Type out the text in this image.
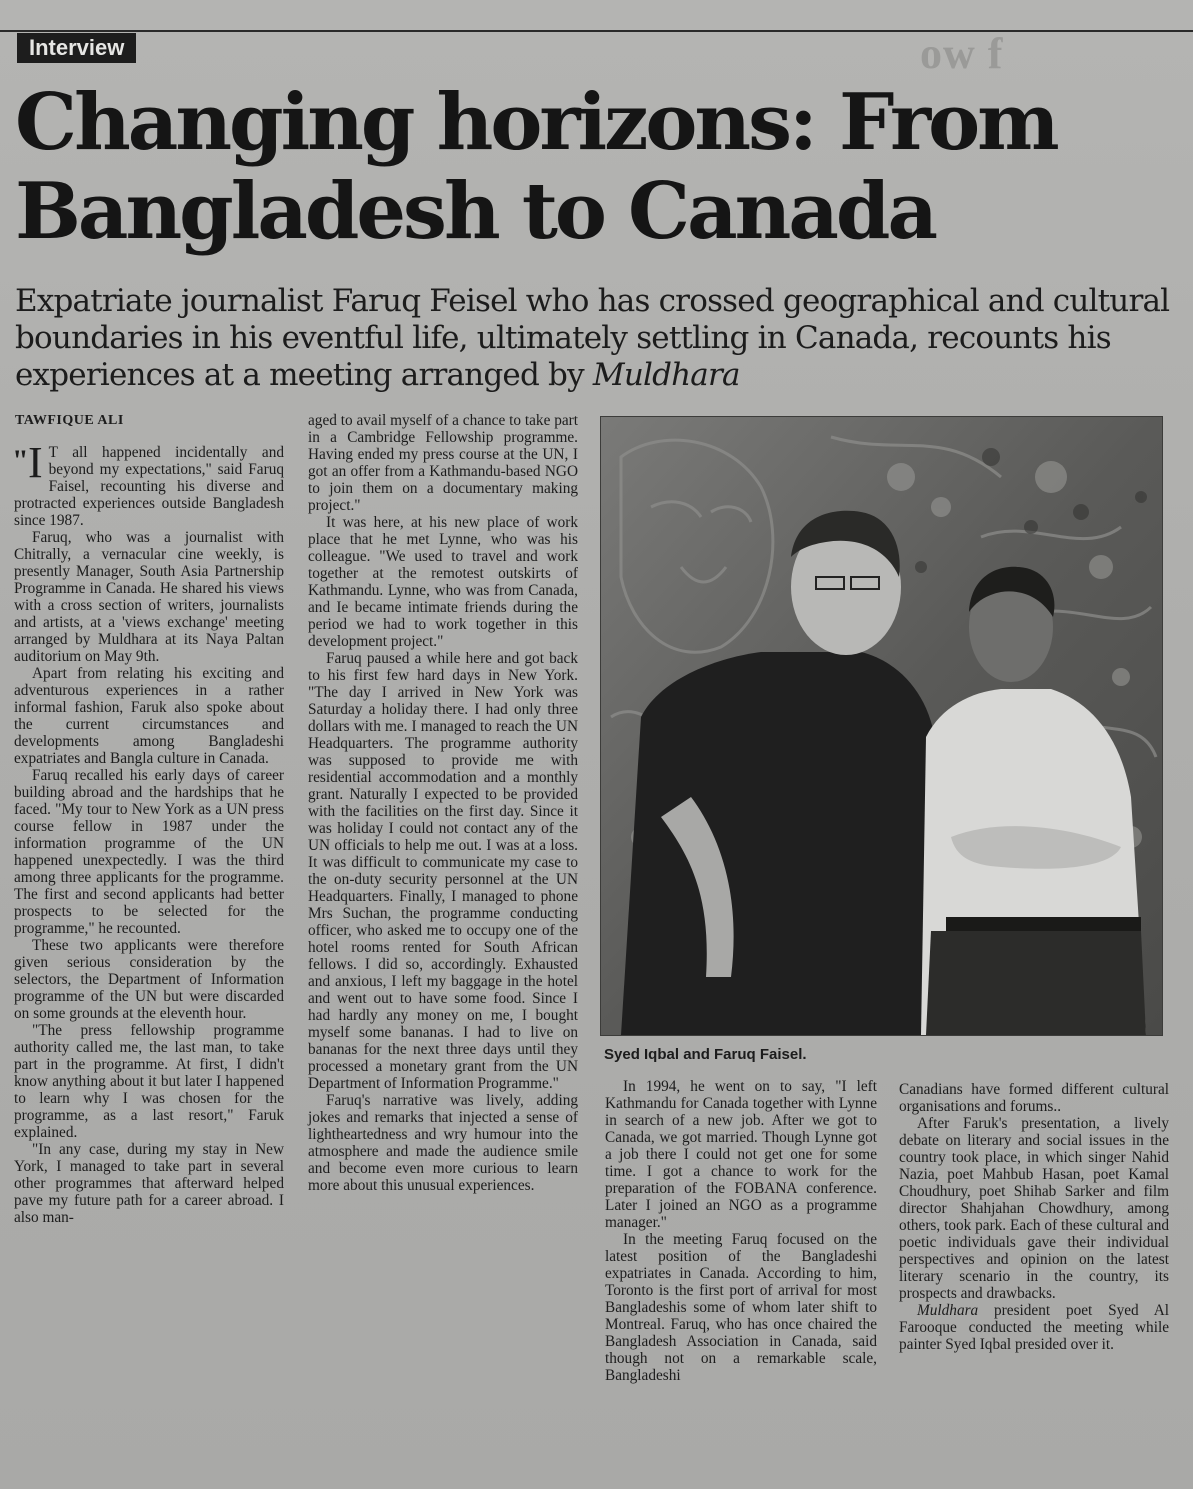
ow f
Interview
Changing horizons: From Bangladesh to Canada

Expatriate journalist Faruq Feisel who has crossed geographical and cultural boundaries in his eventful life, ultimately settling in Canada, recounts his experiences at a meeting arranged by Muldhara

TAWFIQUE ALI
" I T all happened incidentally and beyond my expectations," said Faruq Faisel, recounting his diverse and protracted experiences outside Bangladesh since 1987.

Faruq, who was a journalist with Chitrally, a vernacular cine weekly, is presently Manager, South Asia Partnership Programme in Canada. He shared his views with a cross section of writers, journalists and artists, at a 'views exchange' meeting arranged by Muldhara at its Naya Paltan auditorium on May 9th.

Apart from relating his exciting and adventurous experiences in a rather informal fashion, Faruk also spoke about the current circumstances and developments among Bangladeshi expatriates and Bangla culture in Canada.

Faruq recalled his early days of career building abroad and the hardships that he faced. "My tour to New York as a UN press course fellow in 1987 under the information programme of the UN happened unexpectedly. I was the third among three applicants for the programme. The first and second applicants had better prospects to be selected for the programme," he recounted.

These two applicants were therefore given serious consideration by the selectors, the Department of Information programme of the UN but were discarded on some grounds at the eleventh hour.

"The press fellowship programme authority called me, the last man, to take part in the programme. At first, I didn't know anything about it but later I happened to learn why I was chosen for the programme, as a last resort," Faruk explained.

"In any case, during my stay in New York, I managed to take part in several other programmes that afterward helped pave my future path for a career abroad. I also man-

aged to avail myself of a chance to take part in a Cambridge Fellowship programme. Having ended my press course at the UN, I got an offer from a Kathmandu-based NGO to join them on a documentary making project."

It was here, at his new place of work place that he met Lynne, who was his colleague. "We used to travel and work together at the remotest outskirts of Kathmandu. Lynne, who was from Canada, and Ie became intimate friends during the period we had to work together in this development project."

Faruq paused a while here and got back to his first few hard days in New York. "The day I arrived in New York was Saturday a holiday there. I had only three dollars with me. I managed to reach the UN Headquarters. The programme authority was supposed to provide me with residential accommodation and a monthly grant. Naturally I expected to be provided with the facilities on the first day. Since it was holiday I could not contact any of the UN officials to help me out. I was at a loss. It was difficult to communicate my case to the on-duty security personnel at the UN Headquarters. Finally, I managed to phone Mrs Suchan, the programme conducting officer, who asked me to occupy one of the hotel rooms rented for South African fellows. I did so, accordingly. Exhausted and anxious, I left my baggage in the hotel and went out to have some food. Since I had hardly any money on me, I bought myself some bananas. I had to live on bananas for the next three days until they processed a monetary grant from the UN Department of Information Programme."

Faruq's narrative was lively, adding jokes and remarks that injected a sense of lightheartedness and wry humour into the atmosphere and made the audience smile and become even more curious to learn more about this unusual experiences.

Syed Iqbal and Faruq Faisel.

In 1994, he went on to say, "I left Kathmandu for Canada together with Lynne in search of a new job. After we got to Canada, we got married. Though Lynne got a job there I could not get one for some time. I got a chance to work for the preparation of the FOBANA conference. Later I joined an NGO as a programme manager."

In the meeting Faruq focused on the latest position of the Bangladeshi expatriates in Canada. According to him, Toronto is the first port of arrival for most Bangladeshis some of whom later shift to Montreal. Faruq, who has once chaired the Bangladesh Association in Canada, said though not on a remarkable scale, Bangladeshi

Canadians have formed different cultural organisations and forums..

After Faruk's presentation, a lively debate on literary and social issues in the country took place, in which singer Nahid Nazia, poet Mahbub Hasan, poet Kamal Choudhury, poet Shihab Sarker and film director Shahjahan Chowdhury, among others, took park. Each of these cultural and poetic individuals gave their individual perspectives and opinion on the latest literary scenario in the country, its prospects and drawbacks.

Muldhara president poet Syed Al Farooque conducted the meeting while painter Syed Iqbal presided over it.
